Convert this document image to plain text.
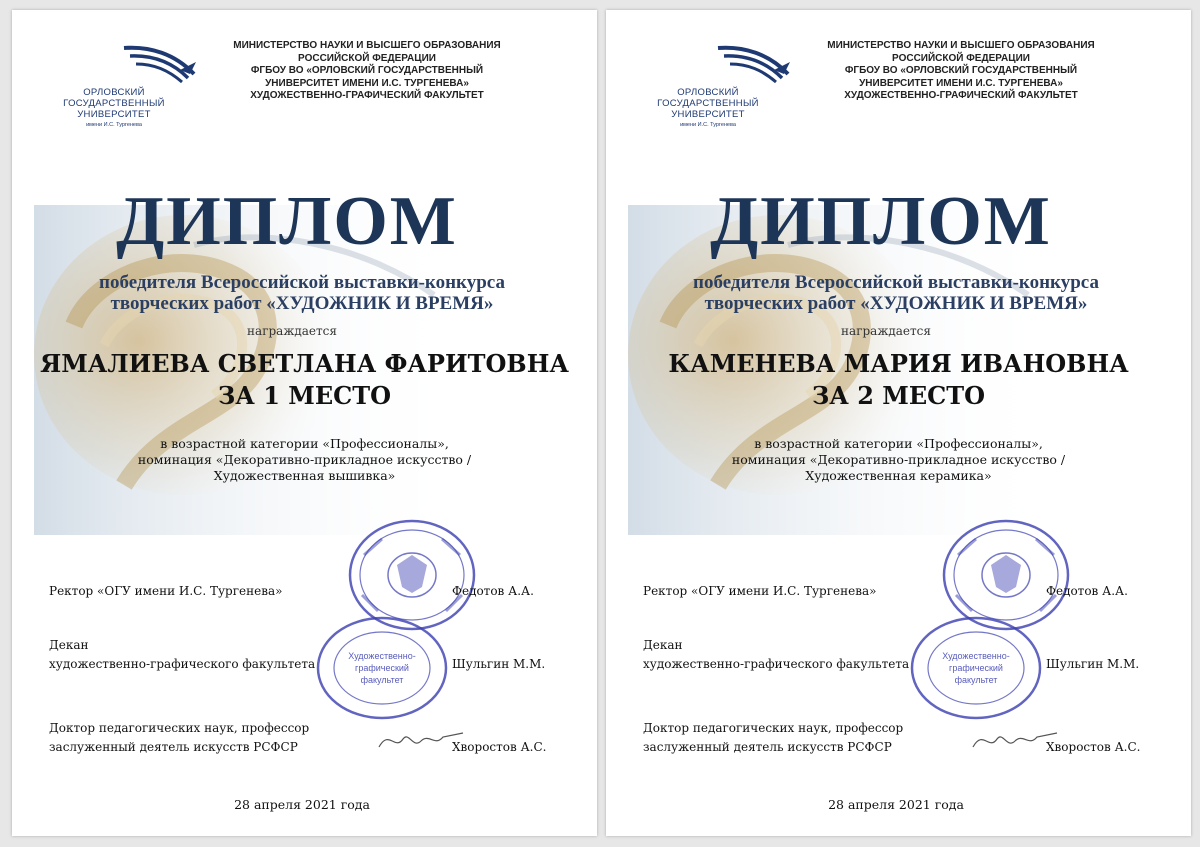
ОРЛОВСКИЙ
ГОСУДАРСТВЕННЫЙ
УНИВЕРСИТЕТ
имени И.С. Тургенева
МИНИСТЕРСТВО НАУКИ И ВЫСШЕГО ОБРАЗОВАНИЯ
РОССИЙСКОЙ ФЕДЕРАЦИИ
ФГБОУ ВО «ОРЛОВСКИЙ ГОСУДАРСТВЕННЫЙ
УНИВЕРСИТЕТ ИМЕНИ И.С. ТУРГЕНЕВА»
ХУДОЖЕСТВЕННО-ГРАФИЧЕСКИЙ ФАКУЛЬТЕТ
ДИПЛОМ
победителя Всероссийской выставки-конкурса
творческих работ «ХУДОЖНИК И ВРЕМЯ»
награждается
ЯМАЛИЕВА СВЕТЛАНА ФАРИТОВНА
ЗА 1 МЕСТО
в возрастной категории «Профессионалы»,
номинация «Декоративно-прикладное искусство /
Художественная вышивка»
Художественно-
графический
факультет
Ректор «ОГУ имени И.С. Тургенева»	Федотов А.А.
Декан
художественно-графического факультета	Шульгин М.М.
Доктор педагогических наук, профессор
заслуженный деятель искусств РСФСР	Хворостов А.С.
28 апреля 2021 года
ОРЛОВСКИЙ
ГОСУДАРСТВЕННЫЙ
УНИВЕРСИТЕТ
имени И.С. Тургенева
МИНИСТЕРСТВО НАУКИ И ВЫСШЕГО ОБРАЗОВАНИЯ
РОССИЙСКОЙ ФЕДЕРАЦИИ
ФГБОУ ВО «ОРЛОВСКИЙ ГОСУДАРСТВЕННЫЙ
УНИВЕРСИТЕТ ИМЕНИ И.С. ТУРГЕНЕВА»
ХУДОЖЕСТВЕННО-ГРАФИЧЕСКИЙ ФАКУЛЬТЕТ
ДИПЛОМ
победителя Всероссийской выставки-конкурса
творческих работ «ХУДОЖНИК И ВРЕМЯ»
награждается
КАМЕНЕВА МАРИЯ ИВАНОВНА
ЗА 2 МЕСТО
в возрастной категории «Профессионалы»,
номинация «Декоративно-прикладное искусство /
Художественная керамика»
Художественно-
графический
факультет
Ректор «ОГУ имени И.С. Тургенева»	Федотов А.А.
Декан
художественно-графического факультета	Шульгин М.М.
Доктор педагогических наук, профессор
заслуженный деятель искусств РСФСР	Хворостов А.С.
28 апреля 2021 года
